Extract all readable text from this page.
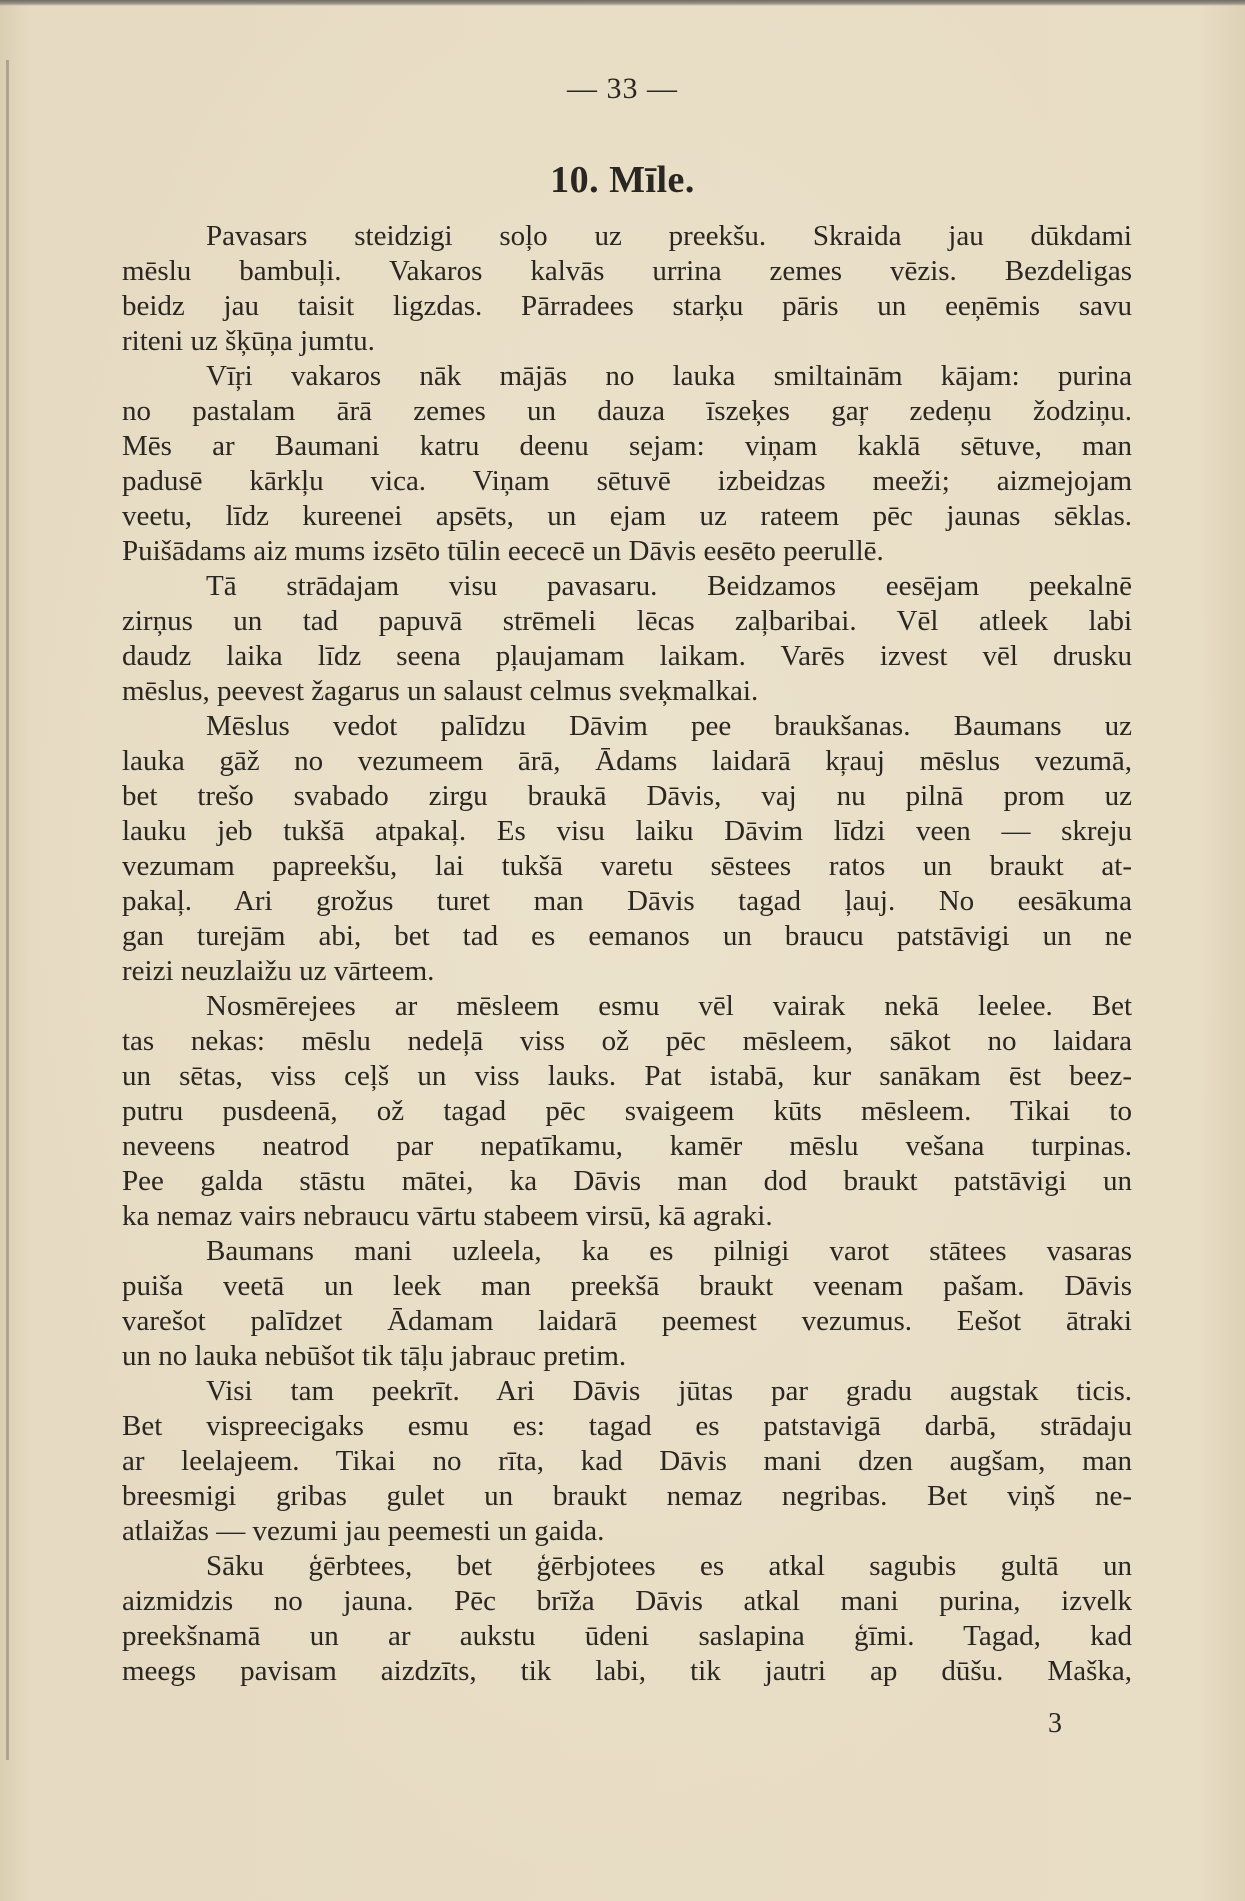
— 33 —
10. Mīle.
Pavasars steidzigi soļo uz preekšu. Skraida jau dūkdami
mēslu bambuļi. Vakaros kalvās urrina zemes vēzis. Bezdeligas
beidz jau taisit ligzdas. Pārradees starķu pāris un eeņēmis savu
riteni uz šķūņa jumtu.
Vīŗi vakaros nāk mājās no lauka smiltainām kājam: purina
no pastalam ārā zemes un dauza īszeķes gaŗ zedeņu žodziņu.
Mēs ar Baumani katru deenu sejam: viņam kaklā sētuve, man
padusē kārkļu vica. Viņam sētuvē izbeidzas meeži; aizmejojam
veetu, līdz kureenei apsēts, un ejam uz rateem pēc jaunas sēklas.
Puišādams aiz mums izsēto tūlin eececē un Dāvis eesēto peerullē.
Tā strādajam visu pavasaru. Beidzamos eesējam peekalnē
zirņus un tad papuvā strēmeli lēcas zaļbaribai. Vēl atleek labi
daudz laika līdz seena pļaujamam laikam. Varēs izvest vēl drusku
mēslus, peevest žagarus un salaust celmus sveķmalkai.
Mēslus vedot palīdzu Dāvim pee braukšanas. Baumans uz
lauka gāž no vezumeem ārā, Ādams laidarā kŗauj mēslus vezumā,
bet trešo svabado zirgu braukā Dāvis, vaj nu pilnā prom uz
lauku jeb tukšā atpakaļ. Es visu laiku Dāvim līdzi veen — skreju
vezumam papreekšu, lai tukšā varetu sēstees ratos un braukt at-
pakaļ. Ari grožus turet man Dāvis tagad ļauj. No eesākuma
gan turejām abi, bet tad es eemanos un braucu patstāvigi un ne
reizi neuzlaižu uz vārteem.
Nosmērejees ar mēsleem esmu vēl vairak nekā leelee. Bet
tas nekas: mēslu nedeļā viss ož pēc mēsleem, sākot no laidara
un sētas, viss ceļš un viss lauks. Pat istabā, kur sanākam ēst beez-
putru pusdeenā, ož tagad pēc svaigeem kūts mēsleem. Tikai to
neveens neatrod par nepatīkamu, kamēr mēslu vešana turpinas.
Pee galda stāstu mātei, ka Dāvis man dod braukt patstāvigi un
ka nemaz vairs nebraucu vārtu stabeem virsū, kā agraki.
Baumans mani uzleela, ka es pilnigi varot stātees vasaras
puiša veetā un leek man preekšā braukt veenam pašam. Dāvis
varešot palīdzet Ādamam laidarā peemest vezumus. Eešot ātraki
un no lauka nebūšot tik tāļu jabrauc pretim.
Visi tam peekrīt. Ari Dāvis jūtas par gradu augstak ticis.
Bet vispreecigaks esmu es: tagad es patstavigā darbā, strādaju
ar leelajeem. Tikai no rīta, kad Dāvis mani dzen augšam, man
breesmigi gribas gulet un braukt nemaz negribas. Bet viņš ne-
atlaižas — vezumi jau peemesti un gaida.
Sāku ģērbtees, bet ģērbjotees es atkal sagubis gultā un
aizmidzis no jauna. Pēc brīža Dāvis atkal mani purina, izvelk
preekšnamā un ar aukstu ūdeni saslapina ģīmi. Tagad, kad
meegs pavisam aizdzīts, tik labi, tik jautri ap dūšu. Maška,
3
